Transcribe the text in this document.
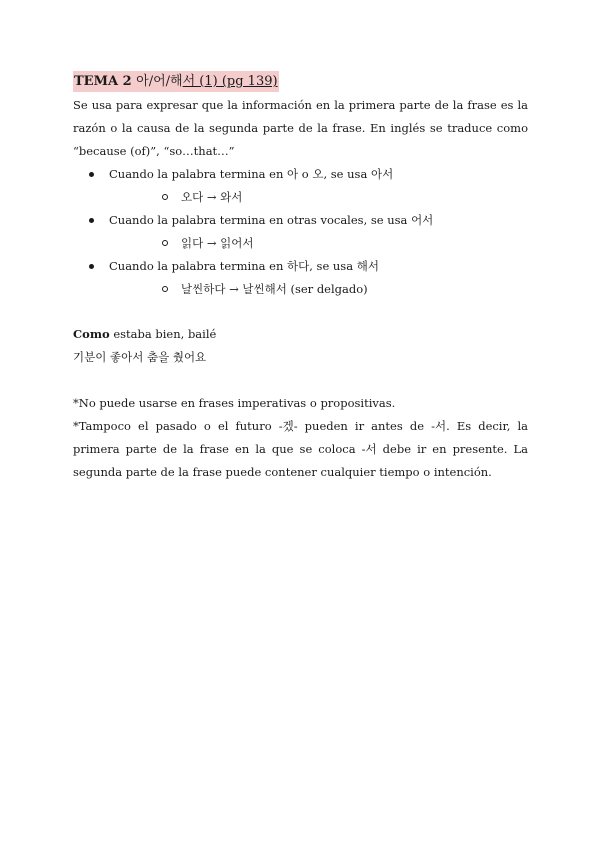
TEMA 2 아/어/해서 (1) (pg 139)

Se usa para expresar que la información en la primera parte de la frase es la razón o la causa de la segunda parte de la frase. En inglés se traduce como “because (of)”, “so…that…”

Cuando la palabra termina en 아 o 오, se usa 아서
오다 → 와서
Cuando la palabra termina en otras vocales, se usa 어서
읽다 → 읽어서
Cuando la palabra termina en 하다, se usa 해서
날씬하다 → 날씬해서 (ser delgado)
Como estaba bien, bailé
기분이 좋아서 춤을 췄어요

*No puede usarse en frases imperativas o propositivas.

*Tampoco el pasado o el futuro -겠- pueden ir antes de -서. Es decir, la primera parte de la frase en la que se coloca -서 debe ir en presente. La segunda parte de la frase puede contener cualquier tiempo o intención.
